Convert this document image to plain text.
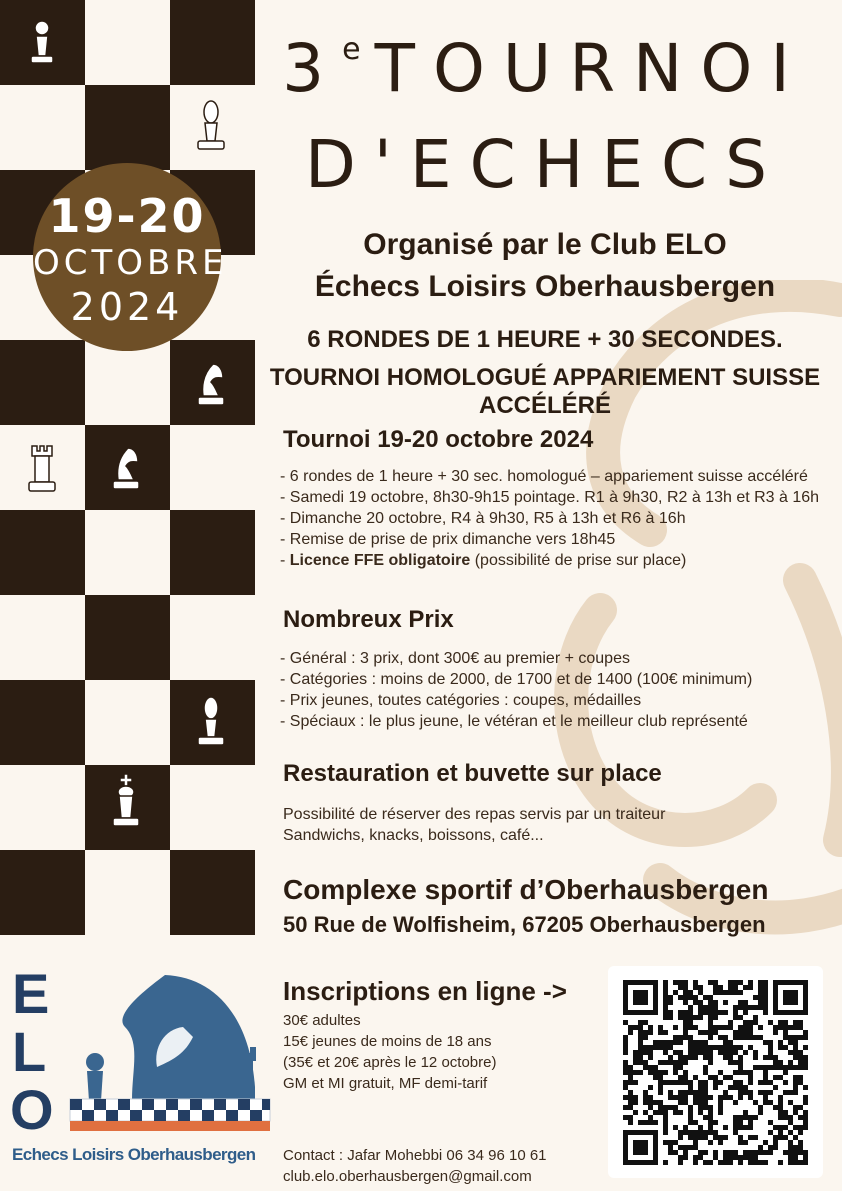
19-20
OCTOBRE
2024
3e TOURNOI
D'ECHECS
Organisé par le Club ELO
Échecs Loisirs Oberhausbergen
6 RONDES DE 1 HEURE + 30 SECONDES.
TOURNOI HOMOLOGUÉ APPARIEMENT SUISSE ACCÉLÉRÉ
Tournoi 19-20 octobre 2024
- 6 rondes de 1 heure + 30 sec. homologué – appariement suisse accéléré
- Samedi 19 octobre, 8h30-9h15 pointage. R1 à 9h30, R2 à 13h et R3 à 16h
- Dimanche 20 octobre, R4 à 9h30, R5 à 13h et R6 à 16h
- Remise de prise de prix dimanche vers 18h45
- Licence FFE obligatoire (possibilité de prise sur place)
Nombreux Prix
- Général : 3 prix, dont 300€ au premier + coupes
- Catégories : moins de 2000, de 1700 et de 1400 (100€ minimum)
- Prix jeunes, toutes catégories : coupes, médailles
- Spéciaux : le plus jeune, le vétéran et le meilleur club représenté
Restauration et buvette sur place
Possibilité de réserver des repas servis par un traiteur
Sandwichs, knacks, boissons, café...
Complexe sportif d’Oberhausbergen
50 Rue de Wolfisheim, 67205 Oberhausbergen
Inscriptions en ligne ->
30€ adultes
15€ jeunes de moins de 18 ans
(35€ et 20€ après le 12 octobre)
GM et MI gratuit, MF demi-tarif
Contact : Jafar Mohebbi 06 34 96 10 61
club.elo.oberhausbergen@gmail.com
E
L
O
Echecs Loisirs Oberhausbergen
